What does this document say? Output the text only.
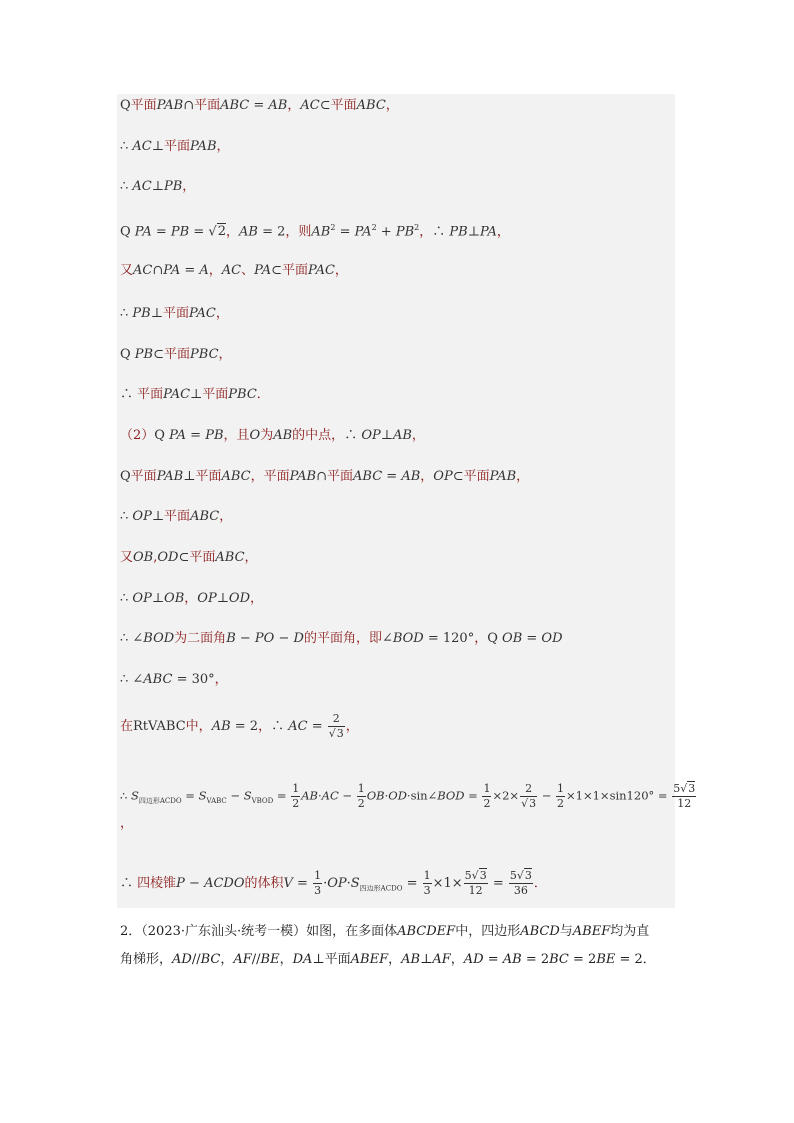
Q平面PAB∩平面ABC = AB，AC⊂平面ABC，
∴ AC⊥平面PAB，
∴ AC⊥PB，
Q PA = PB = √2，AB = 2，则$AB^2 = PA^2 + PB^2$，∴ PB⊥PA，
又AC∩PA = A，AC、PA⊂平面PAC，
∴ PB⊥平面PAC，
Q PB⊂平面PBC，
∴ 平面PAC⊥平面PBC．
（2）Q PA = PB，且O为AB的中点，∴ OP⊥AB，
Q平面PAB⊥平面ABC，平面PAB∩平面ABC = AB，OP⊂平面PAB，
∴ OP⊥平面ABC，
又OB,OD⊂平面ABC，
∴ OP⊥OB，OP⊥OD，
∴ ∠BOD为二面角B − PO − D的平面角，即∠BOD = 120°，Q OB = OD
∴ ∠ABC = 30°，
在RtVABC中，AB = 2，∴ AC = $\frac{2}{√3}$ ，
∴ $S_{四边形ACDO} = S_{VABC} - S_{VBOD} = \frac{1}{2} AB\cdot AC - \frac{1}{2}$ OB·OD·sin∠BOD = $\frac{1}{2} \times 2\times \frac{2}{√3} - \frac{1}{2} \times 1\times 1\times\sin 120^\circ = \frac{5√3}{12}$
，
∴ 四棱锥P − ACDO的体积$V = \frac{1}{3} \cdot OP\cdot S_{四边形ACDO} = \frac{1}{3} \times 1\times \frac{5√3}{12} = \frac{5√3}{36}$ ．
2．（2023·广东汕头·统考一模）如图，在多面体ABCDEF中，四边形ABCD与ABEF均为直
角梯形，AD//BC，AF//BE，DA⊥平面ABEF，AB⊥AF，AD = AB = 2BC = 2BE = 2．
